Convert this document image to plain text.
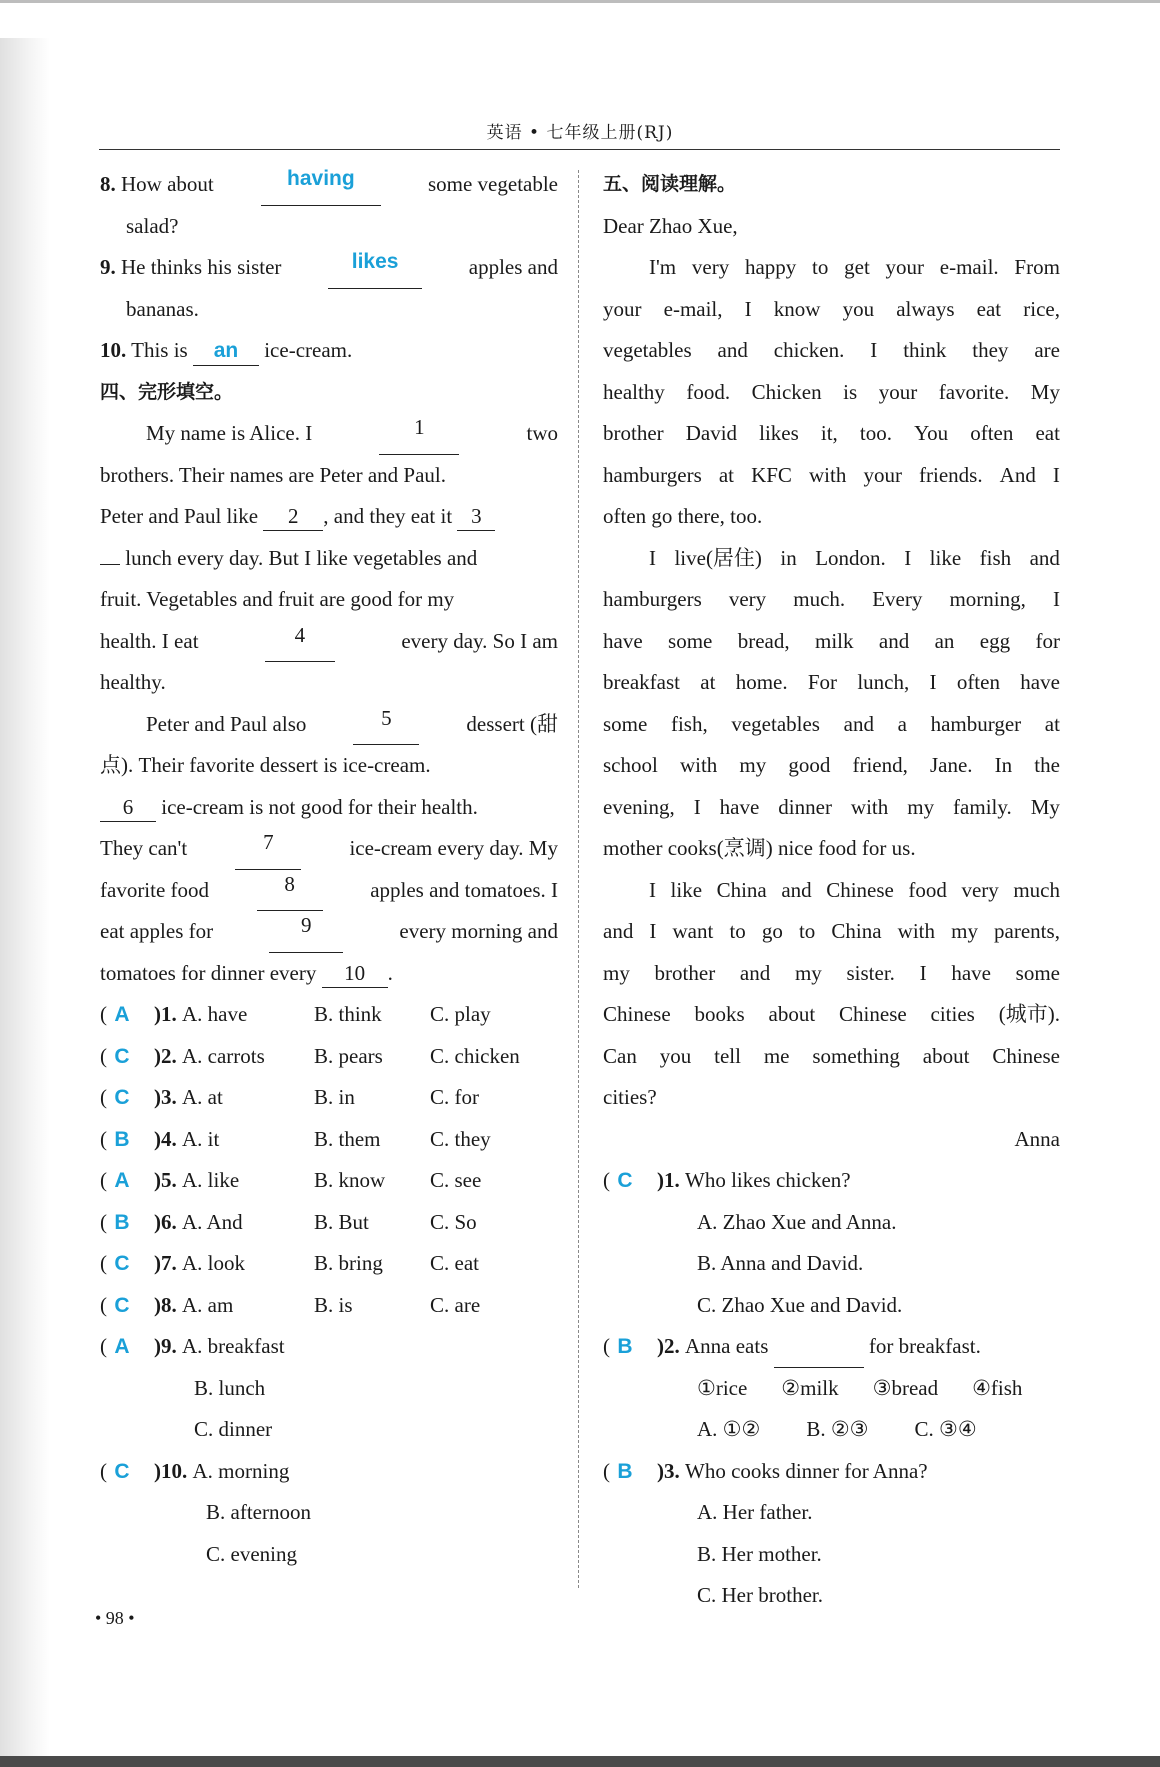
英语 • 七年级上册(RJ)
8. How about	having	some vegetable
salad?
9. He thinks his sister	likes	apples and
bananas.
10. This is an ice-cream.
四、完形填空。
My name is Alice. I	1	two
brothers. Their names are Peter and Paul.
Peter and Paul like 2 , and they eat it 3
lunch every day. But I like vegetables and
fruit. Vegetables and fruit are good for my
health. I eat	4	every day. So I am
healthy.
Peter and Paul also	5	dessert (甜
点). Their favorite dessert is ice-cream.
6 ice-cream is not good for their health.
They can't	7	ice-cream every day. My
favorite food	8	apples and tomatoes. I
eat apples for	9	every morning and
tomatoes for dinner every 10 .
( A	)1.
A. have	B. think	C. play
( C	)2.
A. carrots	B. pears	C. chicken
( C	)3.
A. at	B. in	C. for
( B	)4.
A. it	B. them	C. they
( A	)5.
A. like	B. know	C. see
( B	)6.
A. And	B. But	C. So
( C	)7.
A. look	B. bring	C. eat
( C	)8.
A. am	B. is	C. are
( A	)9.
A. breakfast
B. lunch
C. dinner
( C	)10.
A. morning
B. afternoon
C. evening
五、阅读理解。
Dear Zhao Xue,
I'm very happy to get your e-mail. From
your e-mail, I know you always eat rice,
vegetables and chicken. I think they are
healthy food. Chicken is your favorite. My
brother David likes it, too. You often eat
hamburgers at KFC with your friends. And I
often go there, too.
I live(居住) in London. I like fish and
hamburgers very much. Every morning, I
have some bread, milk and an egg for
breakfast at home. For lunch, I often have
some fish, vegetables and a hamburger at
school with my good friend, Jane. In the
evening, I have dinner with my family. My
mother cooks(烹调) nice food for us.
I like China and Chinese food very much
and I want to go to China with my parents,
my brother and my sister. I have some
Chinese books about Chinese cities (城市).
Can you tell me something about Chinese
cities?
Anna
( C	)1.
Who likes chicken?
A. Zhao Xue and Anna.
B. Anna and David.
C. Zhao Xue and David.
( B	)2.
Anna eats

	for breakfast.
①rice ②milk ③bread ④fish
A. ①② B. ②③ C. ③④
( B	)3.
Who cooks dinner for Anna?
A. Her father.
B. Her mother.
C. Her brother.
• 98 •
